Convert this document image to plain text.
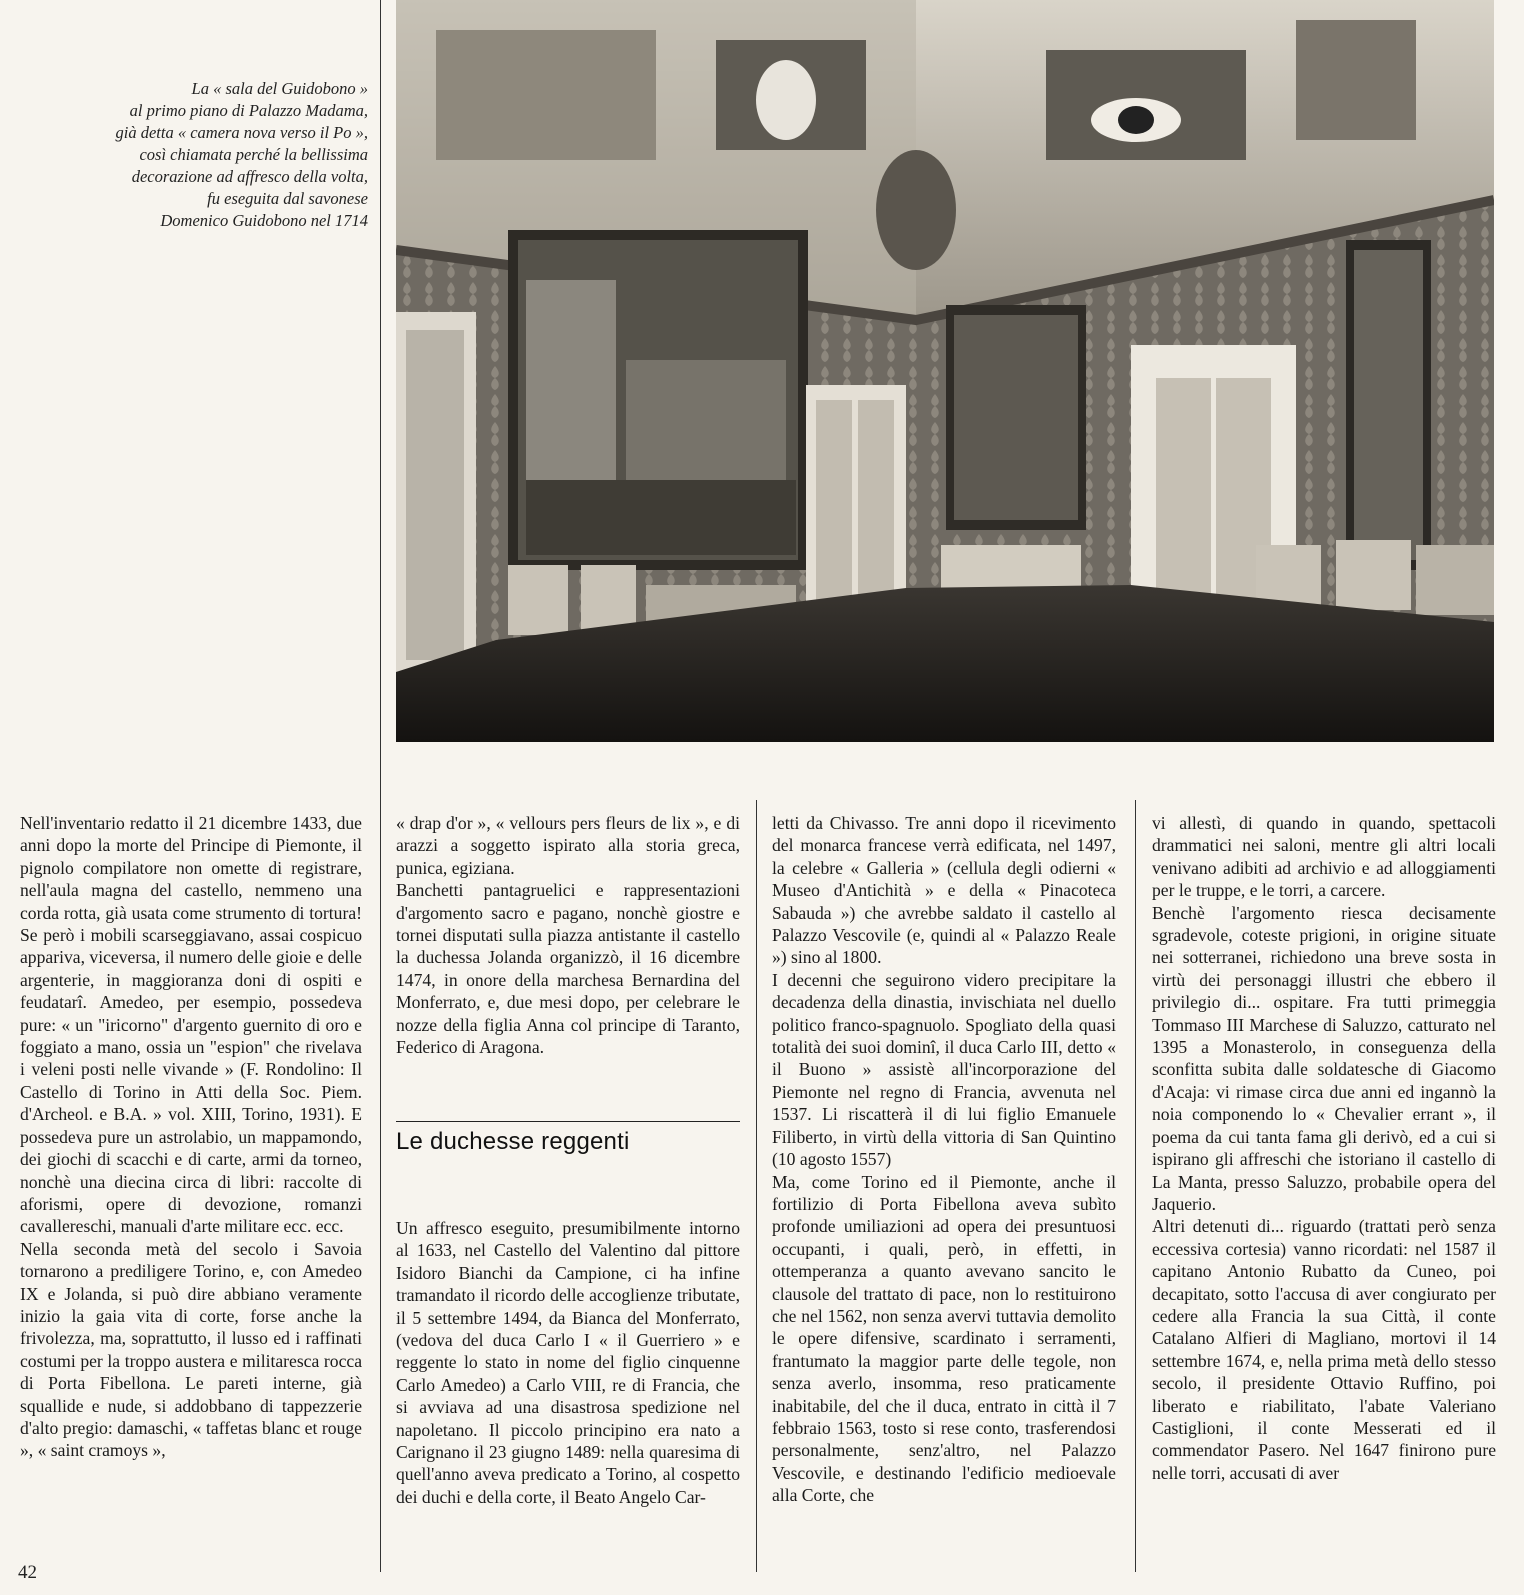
La « sala del Guidobono »
al primo piano di Palazzo Madama,
già detta « camera nova verso il Po »,
così chiamata perché la bellissima
decorazione ad affresco della volta,
fu eseguita dal savonese
Domenico Guidobono nel 1714

Nell'inventario redatto il 21 dicembre 1433, due anni dopo la morte del Principe di Piemonte, il pignolo compilatore non omette di registrare, nell'aula magna del castello, nemmeno una corda rotta, già usata come strumento di tortura! Se però i mobili scarseggiavano, assai cospicuo appariva, viceversa, il numero delle gioie e delle argenterie, in maggioranza doni di ospiti e feudatarî. Amedeo, per esempio, possedeva pure: « un "iricorno" d'argento guernito di oro e foggiato a mano, ossia un "espion" che rivelava i veleni posti nelle vivande » (F. Rondolino: Il Castello di Torino in Atti della Soc. Piem. d'Archeol. e B.A. » vol. XIII, Torino, 1931). E possedeva pure un astrolabio, un mappamondo, dei giochi di scacchi e di carte, armi da torneo, nonchè una diecina circa di libri: raccolte di aforismi, opere di devozione, romanzi cavallereschi, manuali d'arte militare ecc. ecc.

Nella seconda metà del secolo i Savoia tornarono a prediligere Torino, e, con Amedeo IX e Jolanda, si può dire abbiano veramente inizio la gaia vita di corte, forse anche la frivolezza, ma, soprattutto, il lusso ed i raffinati costumi per la troppo austera e militaresca rocca di Porta Fibellona. Le pareti interne, già squallide e nude, si addobbano di tappezzerie d'alto pregio: damaschi, « taffetas blanc et rouge », « saint cramoys »,

« drap d'or », « vellours pers fleurs de lix », e di arazzi a soggetto ispirato alla storia greca, punica, egiziana.

Banchetti pantagruelici e rappresentazioni d'argomento sacro e pagano, nonchè giostre e tornei disputati sulla piazza antistante il castello la duchessa Jolanda organizzò, il 16 dicembre 1474, in onore della marchesa Bernardina del Monferrato, e, due mesi dopo, per celebrare le nozze della figlia Anna col principe di Taranto, Federico di Aragona.

Le duchesse reggenti

Un affresco eseguito, presumibilmente intorno al 1633, nel Castello del Valentino dal pittore Isidoro Bianchi da Campione, ci ha infine tramandato il ricordo delle accoglienze tributate, il 5 settembre 1494, da Bianca del Monferrato, (vedova del duca Carlo I « il Guerriero » e reggente lo stato in nome del figlio cinquenne Carlo Amedeo) a Carlo VIII, re di Francia, che si avviava ad una disastrosa spedizione nel napoletano. Il piccolo principino era nato a Carignano il 23 giugno 1489: nella quaresima di quell'anno aveva predicato a Torino, al cospetto dei duchi e della corte, il Beato Angelo Car-

letti da Chivasso. Tre anni dopo il ricevimento del monarca francese verrà edificata, nel 1497, la celebre « Galleria » (cellula degli odierni « Museo d'Antichità » e della « Pinacoteca Sabauda ») che avrebbe saldato il castello al Palazzo Vescovile (e, quindi al « Palazzo Reale ») sino al 1800.

I decenni che seguirono videro precipitare la decadenza della dinastia, invischiata nel duello politico franco-spagnuolo. Spogliato della quasi totalità dei suoi dominî, il duca Carlo III, detto « il Buono » assistè all'incorporazione del Piemonte nel regno di Francia, avvenuta nel 1537. Li riscatterà il di lui figlio Emanuele Filiberto, in virtù della vittoria di San Quintino (10 agosto 1557)

Ma, come Torino ed il Piemonte, anche il fortilizio di Porta Fibellona aveva subìto profonde umiliazioni ad opera dei presuntuosi occupanti, i quali, però, in effetti, in ottemperanza a quanto avevano sancito le clausole del trattato di pace, non lo restituirono che nel 1562, non senza avervi tuttavia demolito le opere difensive, scardinato i serramenti, frantumato la maggior parte delle tegole, non senza averlo, insomma, reso praticamente inabitabile, del che il duca, entrato in città il 7 febbraio 1563, tosto si rese conto, trasferendosi personalmente, senz'altro, nel Palazzo Vescovile, e destinando l'edificio medioevale alla Corte, che

vi allestì, di quando in quando, spettacoli drammatici nei saloni, mentre gli altri locali venivano adibiti ad archivio e ad alloggiamenti per le truppe, e le torri, a carcere.

Benchè l'argomento riesca decisamente sgradevole, coteste prigioni, in origine situate nei sotterranei, richiedono una breve sosta in virtù dei personaggi illustri che ebbero il privilegio di... ospitare. Fra tutti primeggia Tommaso III Marchese di Saluzzo, catturato nel 1395 a Monasterolo, in conseguenza della sconfitta subita dalle soldatesche di Giacomo d'Acaja: vi rimase circa due anni ed ingannò la noia componendo lo « Chevalier errant », il poema da cui tanta fama gli derivò, ed a cui si ispirano gli affreschi che istoriano il castello di La Manta, presso Saluzzo, probabile opera del Jaquerio.

Altri detenuti di... riguardo (trattati però senza eccessiva cortesia) vanno ricordati: nel 1587 il capitano Antonio Rubatto da Cuneo, poi decapitato, sotto l'accusa di aver congiurato per cedere alla Francia la sua Città, il conte Catalano Alfieri di Magliano, mortovi il 14 settembre 1674, e, nella prima metà dello stesso secolo, il presidente Ottavio Ruffino, poi liberato e riabilitato, l'abate Valeriano Castiglioni, il conte Messerati ed il commendator Pasero. Nel 1647 finirono pure nelle torri, accusati di aver

42
